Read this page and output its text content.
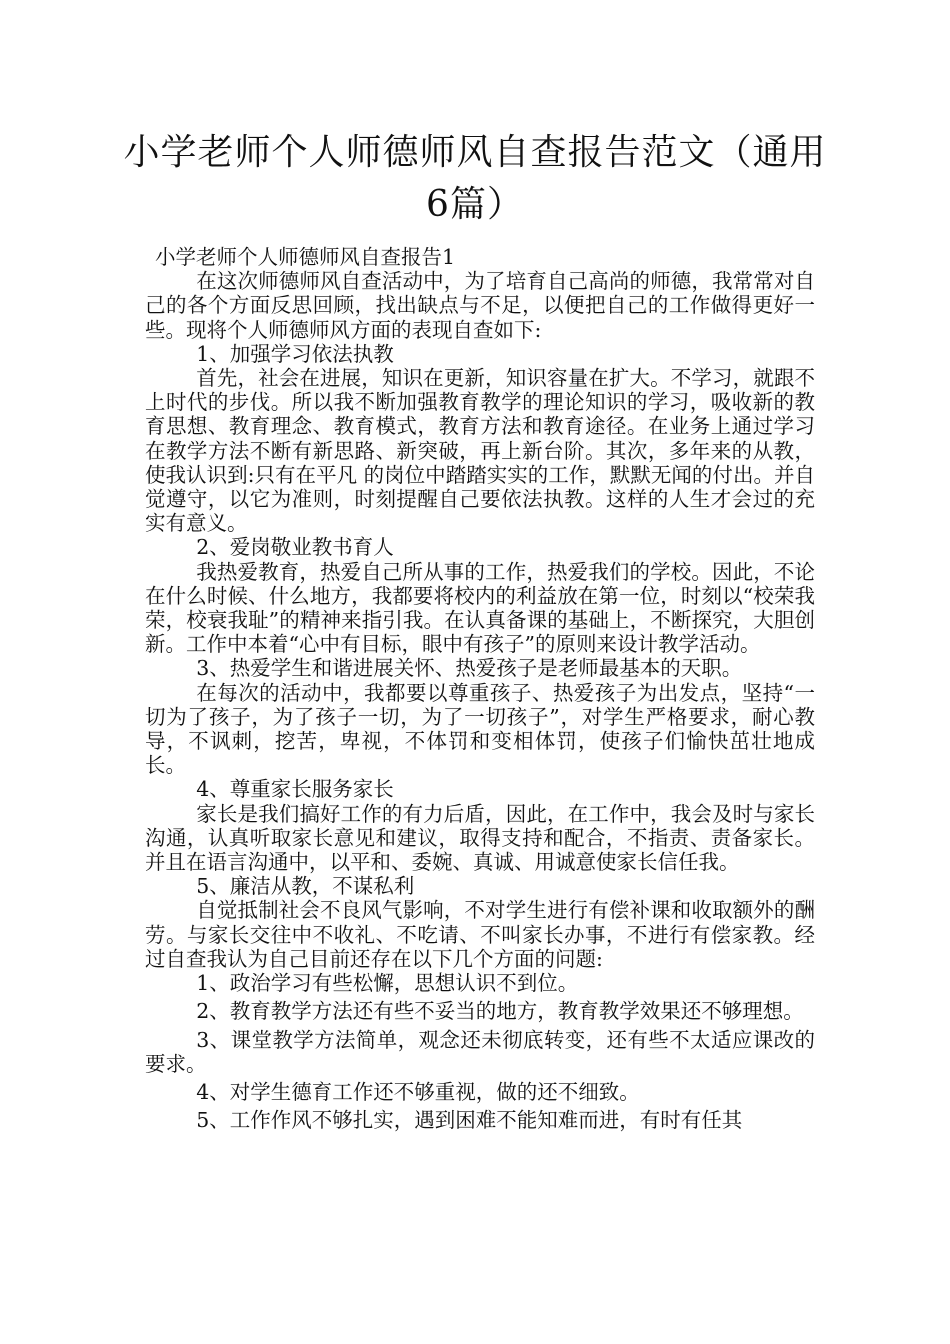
小学老师个人师德师风自查报告范文（通用6篇）

小学老师个人师德师风自查报告1

在这次师德师风自查活动中，为了培育自己高尚的师德，我常常对自己的各个方面反思回顾，找出缺点与不足，以便把自己的工作做得更好一些。现将个人师德师风方面的表现自查如下:

1、加强学习依法执教

首先，社会在进展，知识在更新，知识容量在扩大。不学习，就跟不上时代的步伐。所以我不断加强教育教学的理论知识的学习，吸收新的教育思想、教育理念、教育模式，教育方法和教育途径。在业务上通过学习在教学方法不断有新思路、新突破，再上新台阶。其次，多年来的从教，使我认识到:只有在平凡 的岗位中踏踏实实的工作，默默无闻的付出。并自觉遵守，以它为准则，时刻提醒自己要依法执教。这样的人生才会过的充实有意义。

2、爱岗敬业教书育人

我热爱教育，热爱自己所从事的工作，热爱我们的学校。因此，不论在什么时候、什么地方，我都要将校内的利益放在第一位，时刻以“校荣我荣，校衰我耻”的精神来指引我。在认真备课的基础上，不断探究，大胆创新。工作中本着“心中有目标，眼中有孩子”的原则来设计教学活动。

3、热爱学生和谐进展关怀、热爱孩子是老师最基本的天职。

在每次的活动中，我都要以尊重孩子、热爱孩子为出发点，坚持“一切为了孩子，为了孩子一切，为了一切孩子”，对学生严格要求，耐心教导，不讽刺，挖苦，卑视，不体罚和变相体罚，使孩子们愉快茁壮地成长。

4、尊重家长服务家长

家长是我们搞好工作的有力后盾，因此，在工作中，我会及时与家长沟通，认真听取家长意见和建议，取得支持和配合，不指责、责备家长。并且在语言沟通中，以平和、委婉、真诚、用诚意使家长信任我。

5、廉洁从教，不谋私利

自觉抵制社会不良风气影响，不对学生进行有偿补课和收取额外的酬劳。与家长交往中不收礼、不吃请、不叫家长办事，不进行有偿家教。经过自查我认为自己目前还存在以下几个方面的问题:

1、政治学习有些松懈，思想认识不到位。

2、教育教学方法还有些不妥当的地方，教育教学效果还不够理想。

3、课堂教学方法简单，观念还未彻底转变，还有些不太适应课改的要求。

4、对学生德育工作还不够重视，做的还不细致。

5、工作作风不够扎实，遇到困难不能知难而进，有时有任其
